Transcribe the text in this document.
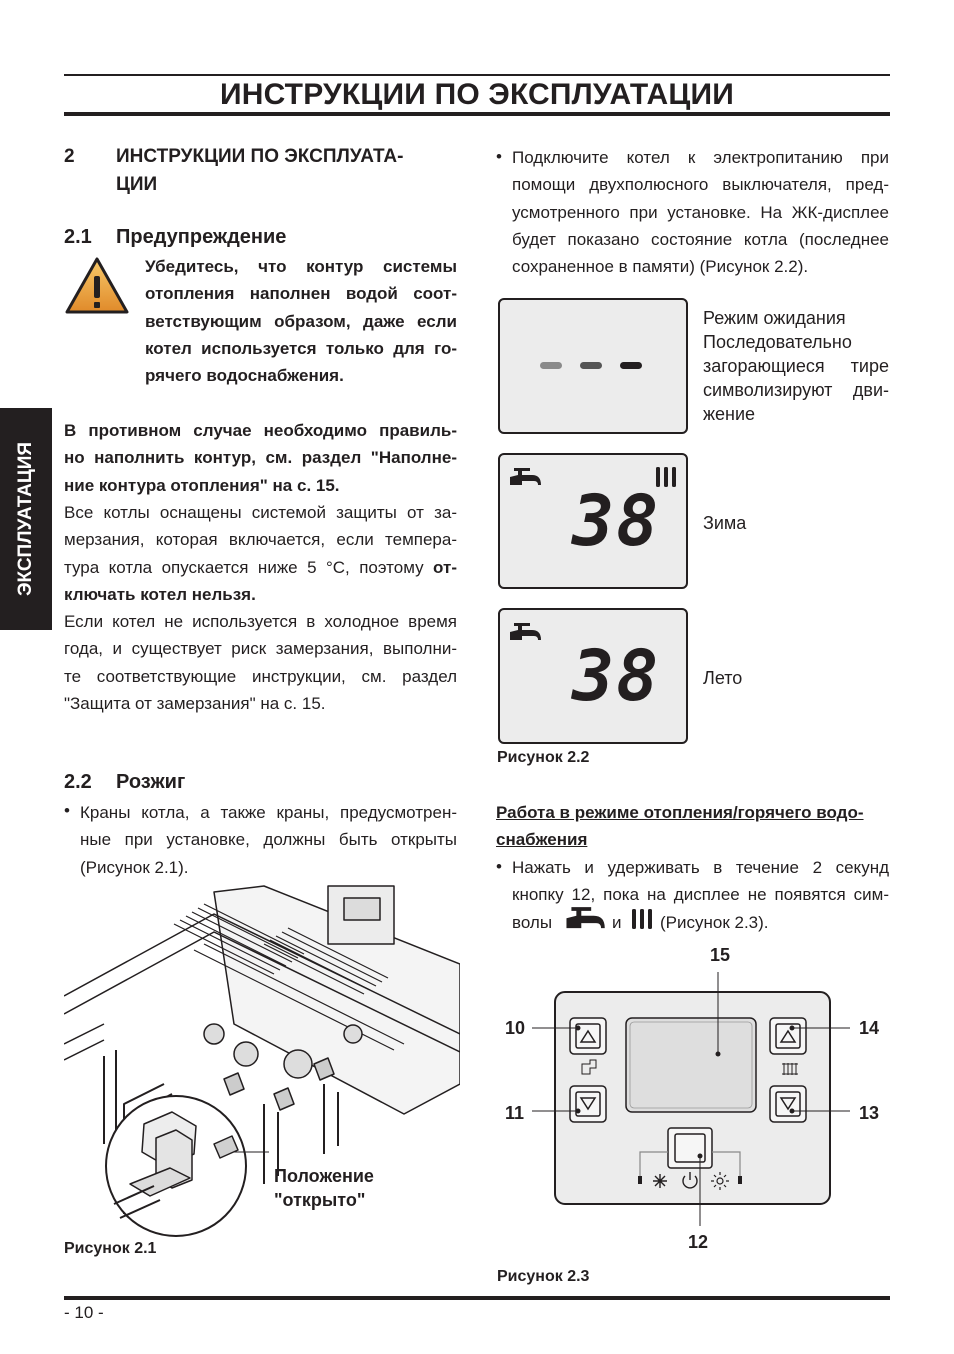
ИНСТРУКЦИИ ПО ЭКСПЛУАТАЦИИ
ЭКСПЛУАТАЦИЯ
2 ИНСТРУКЦИИ ПО ЭКСПЛУАТА-
ЦИИ
2.1 Предупреждение
Убедитесь, что контур системы
отопления наполнен водой соот-
ветствующим образом, даже если
котел используется только для го-
рячего водоснабжения.
В противном случае необходимо правиль-
но наполнить контур, см. раздел "Наполне-
ние контура отопления" на с. 15.
Все котлы оснащены системой защиты от за-
мерзания, которая включается, если темпера-
тура котла опускается ниже 5 °C, поэтому от-
ключать котел нельзя.
Если котел не используется в холодное время
года, и существует риск замерзания, выполни-
те соответствующие инструкции, см. раздел
"Защита от замерзания" на с. 15.
2.2 Розжиг
• Краны котла, а также краны, предусмотрен-
ные при установке, должны быть открыты
(Рисунок 2.1).
Положение
"открыто"
Рисунок 2.1
• Подключите котел к электропитанию при
помощи двухполюсного выключателя, пред-
усмотренного при установке. На ЖК-дисплее
будет показано состояние котла (последнее
сохраненное в памяти) (Рисунок 2.2).
Режим ожидания
Последовательно
загорающиеся тире
символизируют дви-
жение
38 Зима
38 Лето
Рисунок 2.2
Работа в режиме отопления/горячего водо-
снабжения
• Нажать и удерживать в течение 2 секунд
кнопку 12, пока на дисплее не появятся сим-
волы	и (Рисунок 2.3).
15
10
11
14
13
12
Рисунок 2.3
- 10 -
